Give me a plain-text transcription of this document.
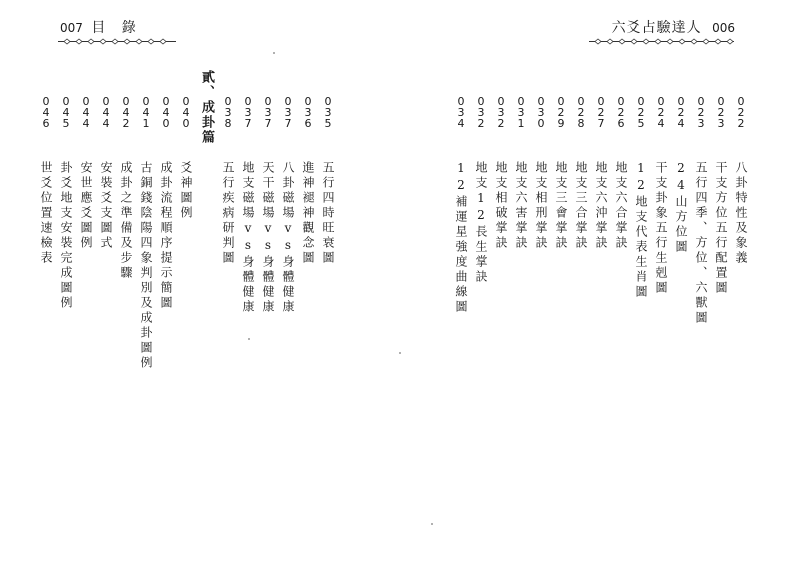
007 目 錄
貳、成卦篇	0
3
5
五行四時旺衰圖
0
3
6
進神褪神觀念圖
0
3
7
八卦磁場vs身體健康
0
3
7
天干磁場vs身體健康
0
3
7
地支磁場vs身體健康
0
3
8
五行疾病研判圖
0
4
0
爻神圖例
0
4
0
成卦流程順序提示簡圖
0
4
1
古銅錢陰陽四象判別及成卦圖例
0
4
2
成卦之準備及步驟
0
4
4
安裝爻支圖式
0
4
4
安世應爻圖例
0
4
5
卦爻地支安裝完成圖例
0
4
6
世爻位置速檢表
六爻占驗達人 006
0
2
2
八卦特性及象義
0
2
3
干支方位五行配置圖
0
2
3
五行四季、方位、六獸圖
0
2
4
24山方位圖
0
2
4
干支卦象五行生剋圖
0
2
5
12地支代表生肖圖
0
2
6
地支六合掌訣
0
2
7
地支六沖掌訣
0
2
8
地支三合掌訣
0
2
9
地支三會掌訣
0
3
0
地支相刑掌訣
0
3
1
地支六害掌訣
0
3
2
地支相破掌訣
0
3
2
地支12長生掌訣
0
3
4
12補運星強度曲線圖
